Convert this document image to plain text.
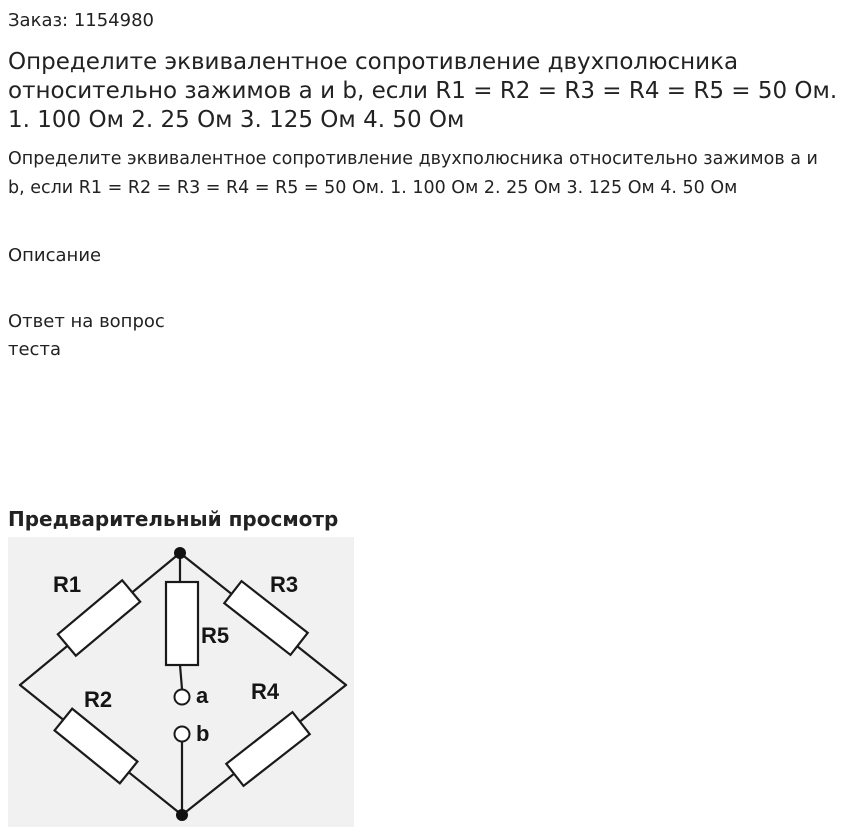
Заказ: 1154980
Определите эквивалентное сопротивление двухполюсника относительно зажимов a и b, если R1 = R2 = R3 = R4 = R5 = 50 Ом. 1. 100 Ом 2. 25 Ом 3. 125 Ом 4. 50 Ом

Определите эквивалентное сопротивление двухполюсника относительно зажимов a и b, если R1 = R2 = R3 = R4 = R5 = 50 Ом. 1. 100 Ом 2. 25 Ом 3. 125 Ом 4. 50 Ом

Описание
Ответ на вопрос теста
Предварительный просмотр
R1
R2
R3
R4
R5
a
b
